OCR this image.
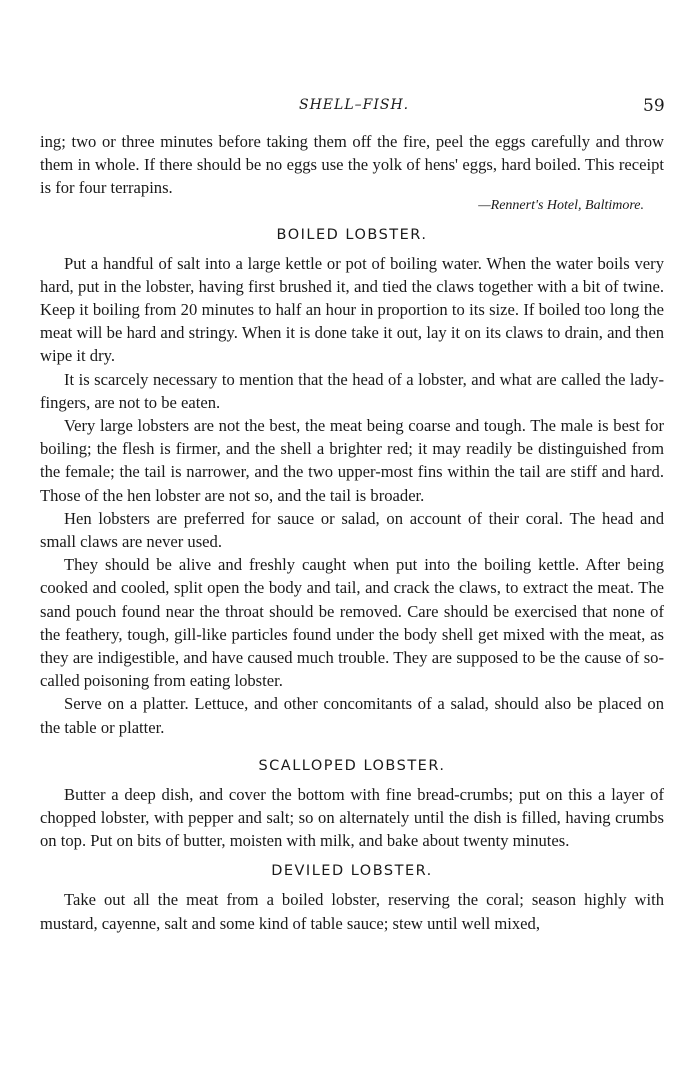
SHELL–FISH.	59

ing; two or three minutes before taking them off the fire, peel the eggs carefully and throw them in whole. If there should be no eggs use the yolk of hens' eggs, hard boiled. This receipt is for four terrapins.

—Rennert's Hotel, Baltimore.
BOILED LOBSTER.

Put a handful of salt into a large kettle or pot of boiling water. When the water boils very hard, put in the lobster, having first brushed it, and tied the claws together with a bit of twine. Keep it boiling from 20 minutes to half an hour in proportion to its size. If boiled too long the meat will be hard and stringy. When it is done take it out, lay it on its claws to drain, and then wipe it dry.

It is scarcely necessary to mention that the head of a lobster, and what are called the lady-fingers, are not to be eaten.

Very large lobsters are not the best, the meat being coarse and tough. The male is best for boiling; the flesh is firmer, and the shell a brighter red; it may readily be distinguished from the female; the tail is narrower, and the two upper-most fins within the tail are stiff and hard. Those of the hen lobster are not so, and the tail is broader.

Hen lobsters are preferred for sauce or salad, on account of their coral. The head and small claws are never used.

They should be alive and freshly caught when put into the boiling kettle. After being cooked and cooled, split open the body and tail, and crack the claws, to extract the meat. The sand pouch found near the throat should be removed. Care should be exercised that none of the feathery, tough, gill-like particles found under the body shell get mixed with the meat, as they are indigestible, and have caused much trouble. They are supposed to be the cause of so-called poisoning from eating lobster.

Serve on a platter. Lettuce, and other concomitants of a salad, should also be placed on the table or platter.

SCALLOPED LOBSTER.

Butter a deep dish, and cover the bottom with fine bread-crumbs; put on this a layer of chopped lobster, with pepper and salt; so on alternately until the dish is filled, having crumbs on top. Put on bits of butter, moisten with milk, and bake about twenty minutes.

DEVILED LOBSTER.

Take out all the meat from a boiled lobster, reserving the coral; season highly with mustard, cayenne, salt and some kind of table sauce; stew until well mixed,
